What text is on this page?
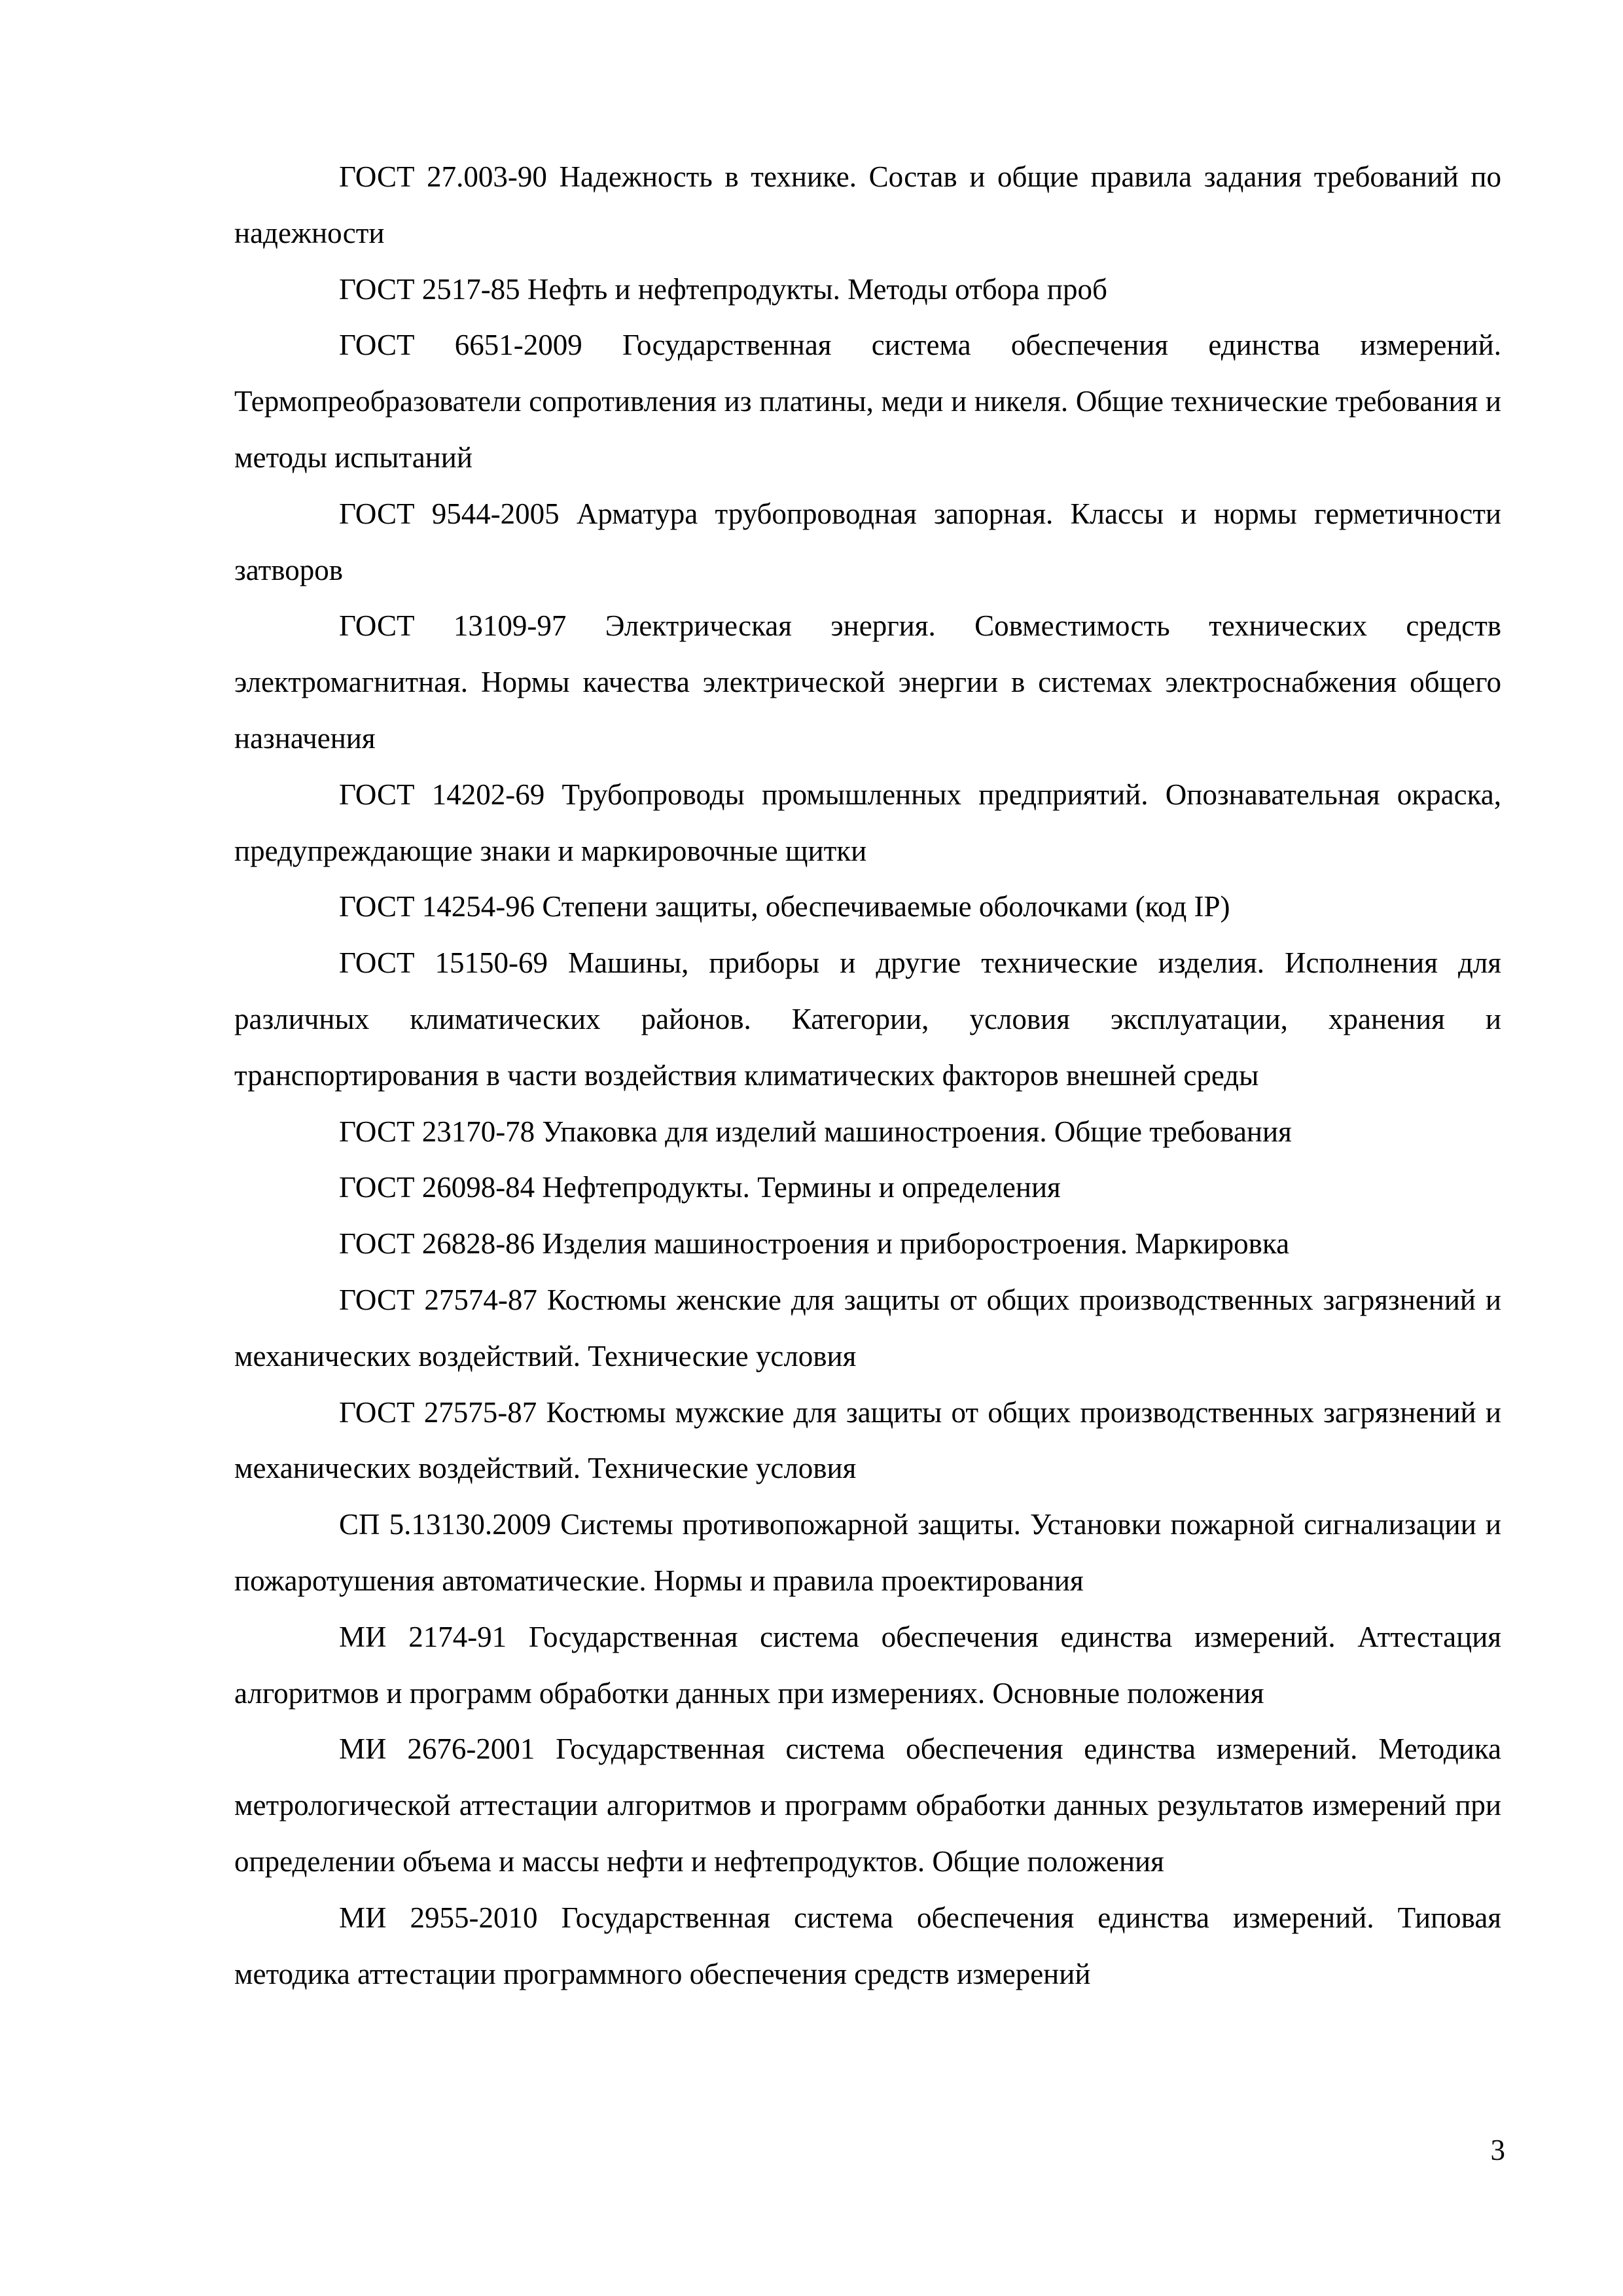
ГОСТ 27.003-90 Надежность в технике. Состав и общие правила задания требований по надежности

ГОСТ 2517-85 Нефть и нефтепродукты. Методы отбора проб

ГОСТ 6651-2009 Государственная система обеспечения единства измерений. Термопреобразователи сопротивления из платины, меди и никеля. Общие технические требования и методы испытаний

ГОСТ 9544-2005 Арматура трубопроводная запорная. Классы и нормы герметичности затворов

ГОСТ 13109-97 Электрическая энергия. Совместимость технических средств электромагнитная. Нормы качества электрической энергии в системах электроснабжения общего назначения

ГОСТ 14202-69 Трубопроводы промышленных предприятий. Опознавательная окраска, предупреждающие знаки и маркировочные щитки

ГОСТ 14254-96 Степени защиты, обеспечиваемые оболочками (код IP)

ГОСТ 15150-69 Машины, приборы и другие технические изделия. Исполнения для различных климатических районов. Категории, условия эксплуатации, хранения и транспортирования в части воздействия климатических факторов внешней среды

ГОСТ 23170-78 Упаковка для изделий машиностроения. Общие требования

ГОСТ 26098-84 Нефтепродукты. Термины и определения

ГОСТ 26828-86 Изделия машиностроения и приборостроения. Маркировка

ГОСТ 27574-87 Костюмы женские для защиты от общих производственных загрязнений и механических воздействий. Технические условия

ГОСТ 27575-87 Костюмы мужские для защиты от общих производственных загрязнений и механических воздействий. Технические условия

СП 5.13130.2009 Системы противопожарной защиты. Установки пожарной сигнализации и пожаротушения автоматические. Нормы и правила проектирования

МИ 2174-91 Государственная система обеспечения единства измерений. Аттестация алгоритмов и программ обработки данных при измерениях. Основные положения

МИ 2676-2001 Государственная система обеспечения единства измерений. Методика метрологической аттестации алгоритмов и программ обработки данных результатов измерений при определении объема и массы нефти и нефтепродуктов. Общие положения

МИ 2955-2010 Государственная система обеспечения единства измерений. Типовая методика аттестации программного обеспечения средств измерений

3
